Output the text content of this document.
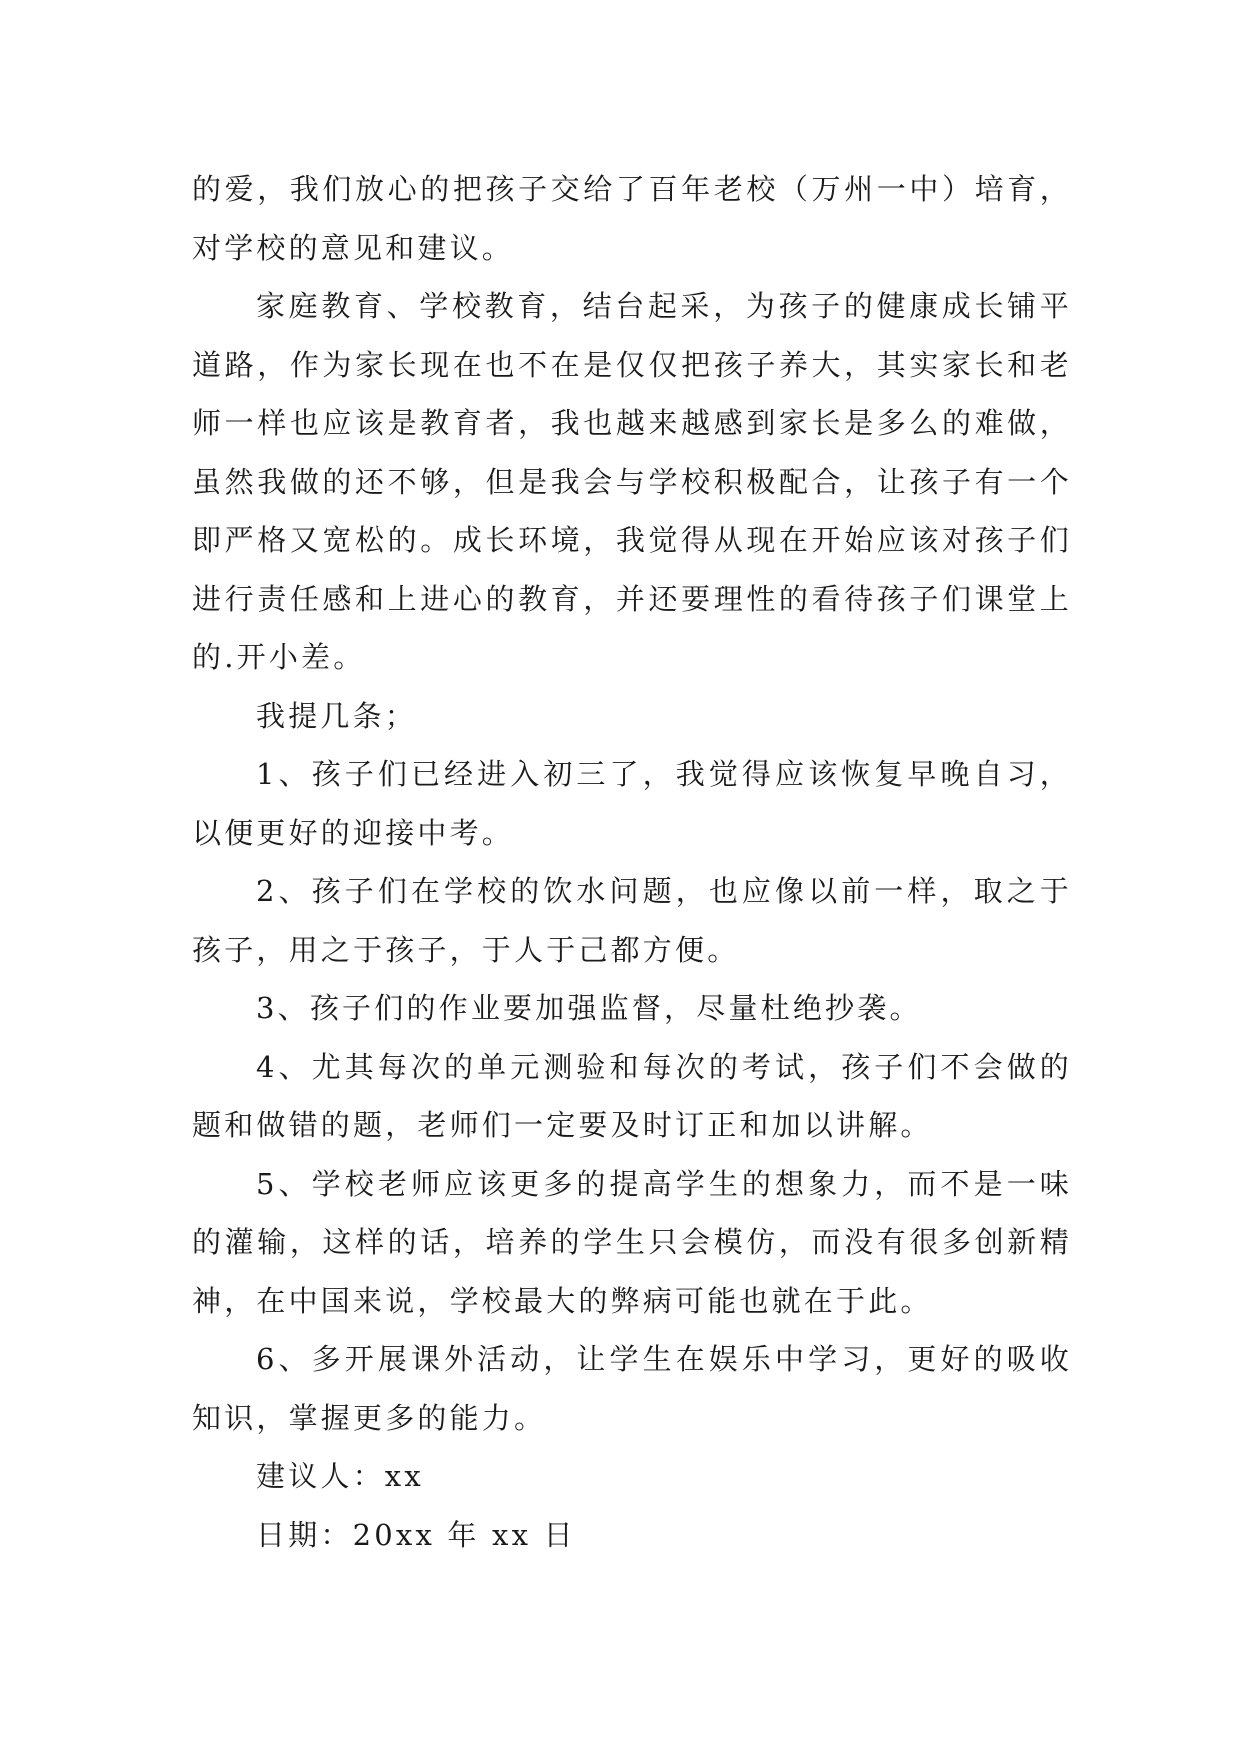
的爱，我们放心的把孩子交给了百年老校（万州一中）培育，对学校的意见和建议。

家庭教育、学校教育，结台起采，为孩子的健康成长铺平道路，作为家长现在也不在是仅仅把孩子养大，其实家长和老师一样也应该是教育者，我也越来越感到家长是多么的难做，虽然我做的还不够，但是我会与学校积极配合，让孩子有一个即严格又宽松的。成长环境，我觉得从现在开始应该对孩子们进行责任感和上进心的教育，并还要理性的看待孩子们课堂上的.开小差。

我提几条；

1、孩子们已经进入初三了，我觉得应该恢复早晚自习，以便更好的迎接中考。

2、孩子们在学校的饮水问题，也应像以前一样，取之于孩子，用之于孩子，于人于己都方便。

3、孩子们的作业要加强监督，尽量杜绝抄袭。

4、尤其每次的单元测验和每次的考试，孩子们不会做的题和做错的题，老师们一定要及时订正和加以讲解。

5、学校老师应该更多的提高学生的想象力，而不是一味的灌输，这样的话，培养的学生只会模仿，而没有很多创新精神，在中国来说，学校最大的弊病可能也就在于此。

6、多开展课外活动，让学生在娱乐中学习，更好的吸收知识，掌握更多的能力。

建议人：xx

日期：20xx 年 xx 日
